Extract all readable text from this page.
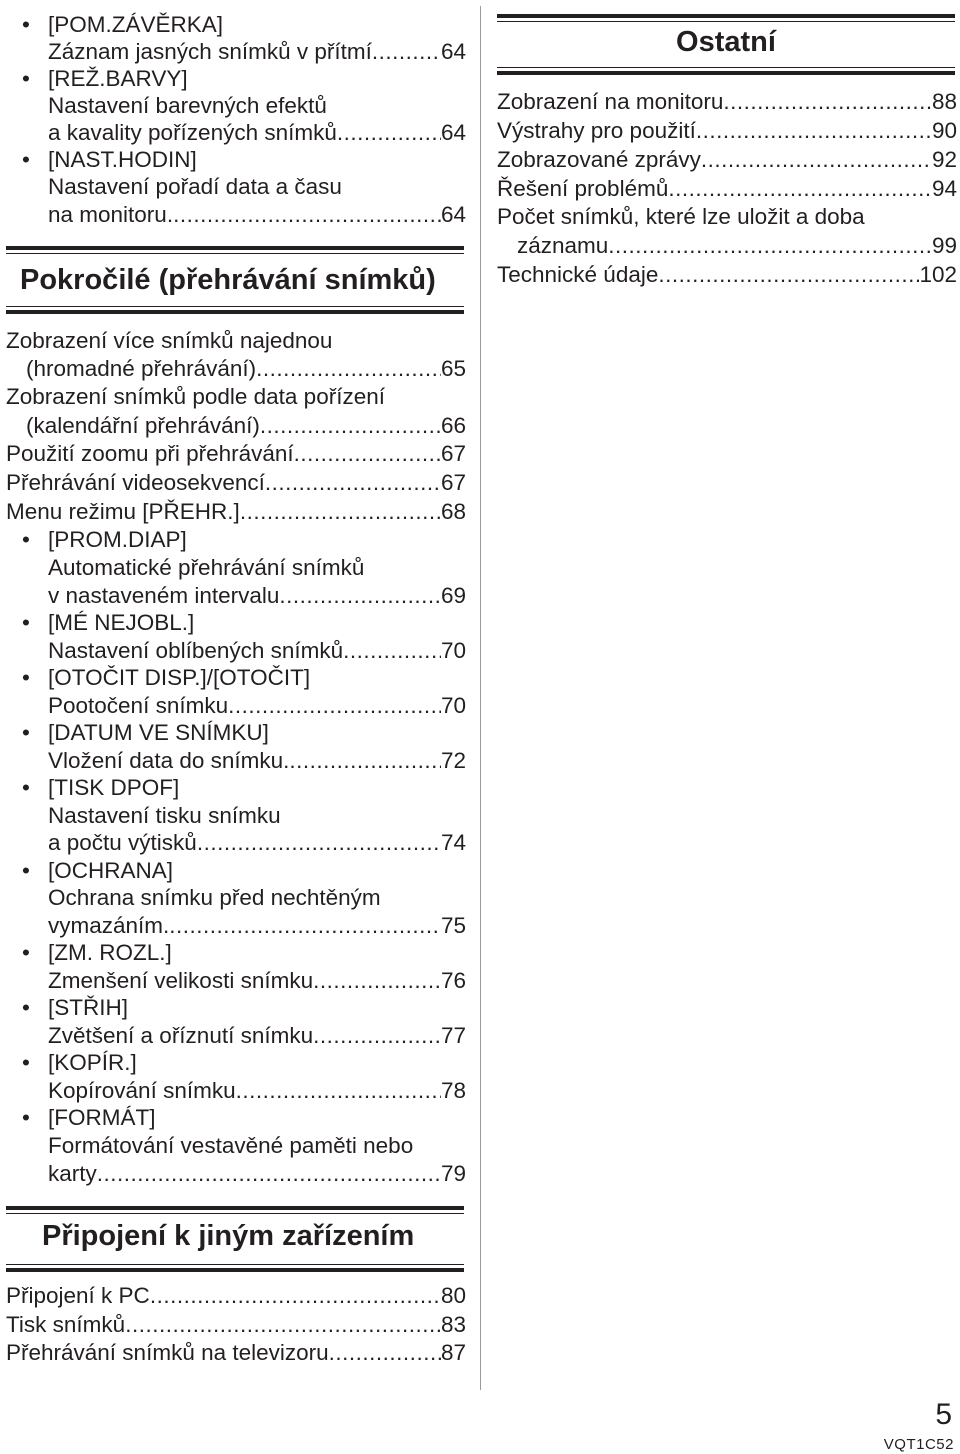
• [POM.ZÁVĚRKA]
Záznam jasných snímků v přítmí .....	64
• [REŽ.BARVY]
Nastavení barevných efektů
a kavality pořízených snímků .....	64
• [NAST.HODIN]
Nastavení pořadí data a času
na monitoru. .....	64
Pokročilé (přehrávání snímků)
Zobrazení více snímků najednou
(hromadné přehrávání) .....	65
Zobrazení snímků podle data pořízení
(kalendářní přehrávání) .....	66
Použití zoomu při přehrávání .....	67
Přehrávání videosekvencí .....	67
Menu režimu [PŘEHR.] .....	68
• [PROM.DIAP]
Automatické přehrávání snímků
v nastaveném intervalu .....	69
• [MÉ NEJOBL.]
Nastavení oblíbených snímků .....	70
• [OTOČIT DISP.]/[OTOČIT]
Pootočení snímku .....	70
• [DATUM VE SNÍMKU]
Vložení data do snímku. .....	72
• [TISK DPOF]
Nastavení tisku snímku
a počtu výtisků .....	74
• [OCHRANA]
Ochrana snímku před nechtěným
vymazáním. .....	75
• [ZM. ROZL.]
Zmenšení velikosti snímku .....	76
• [STŘIH]
Zvětšení a oříznutí snímku .....	77
• [KOPÍR.]
Kopírování snímku .....	78
• [FORMÁT]
Formátování vestavěné paměti nebo
karty .....	79
Připojení k jiným zařízením
Připojení k PC .....	80
Tisk snímků .....	83
Přehrávání snímků na televizoru .....	87
Ostatní
Zobrazení na monitoru .....	88
Výstrahy pro použití .....	90
Zobrazované zprávy .....	92
Řešení problémů .....	94
Počet snímků, které lze uložit a doba
záznamu .....	99
Technické údaje .....	102
5
VQT1C52
